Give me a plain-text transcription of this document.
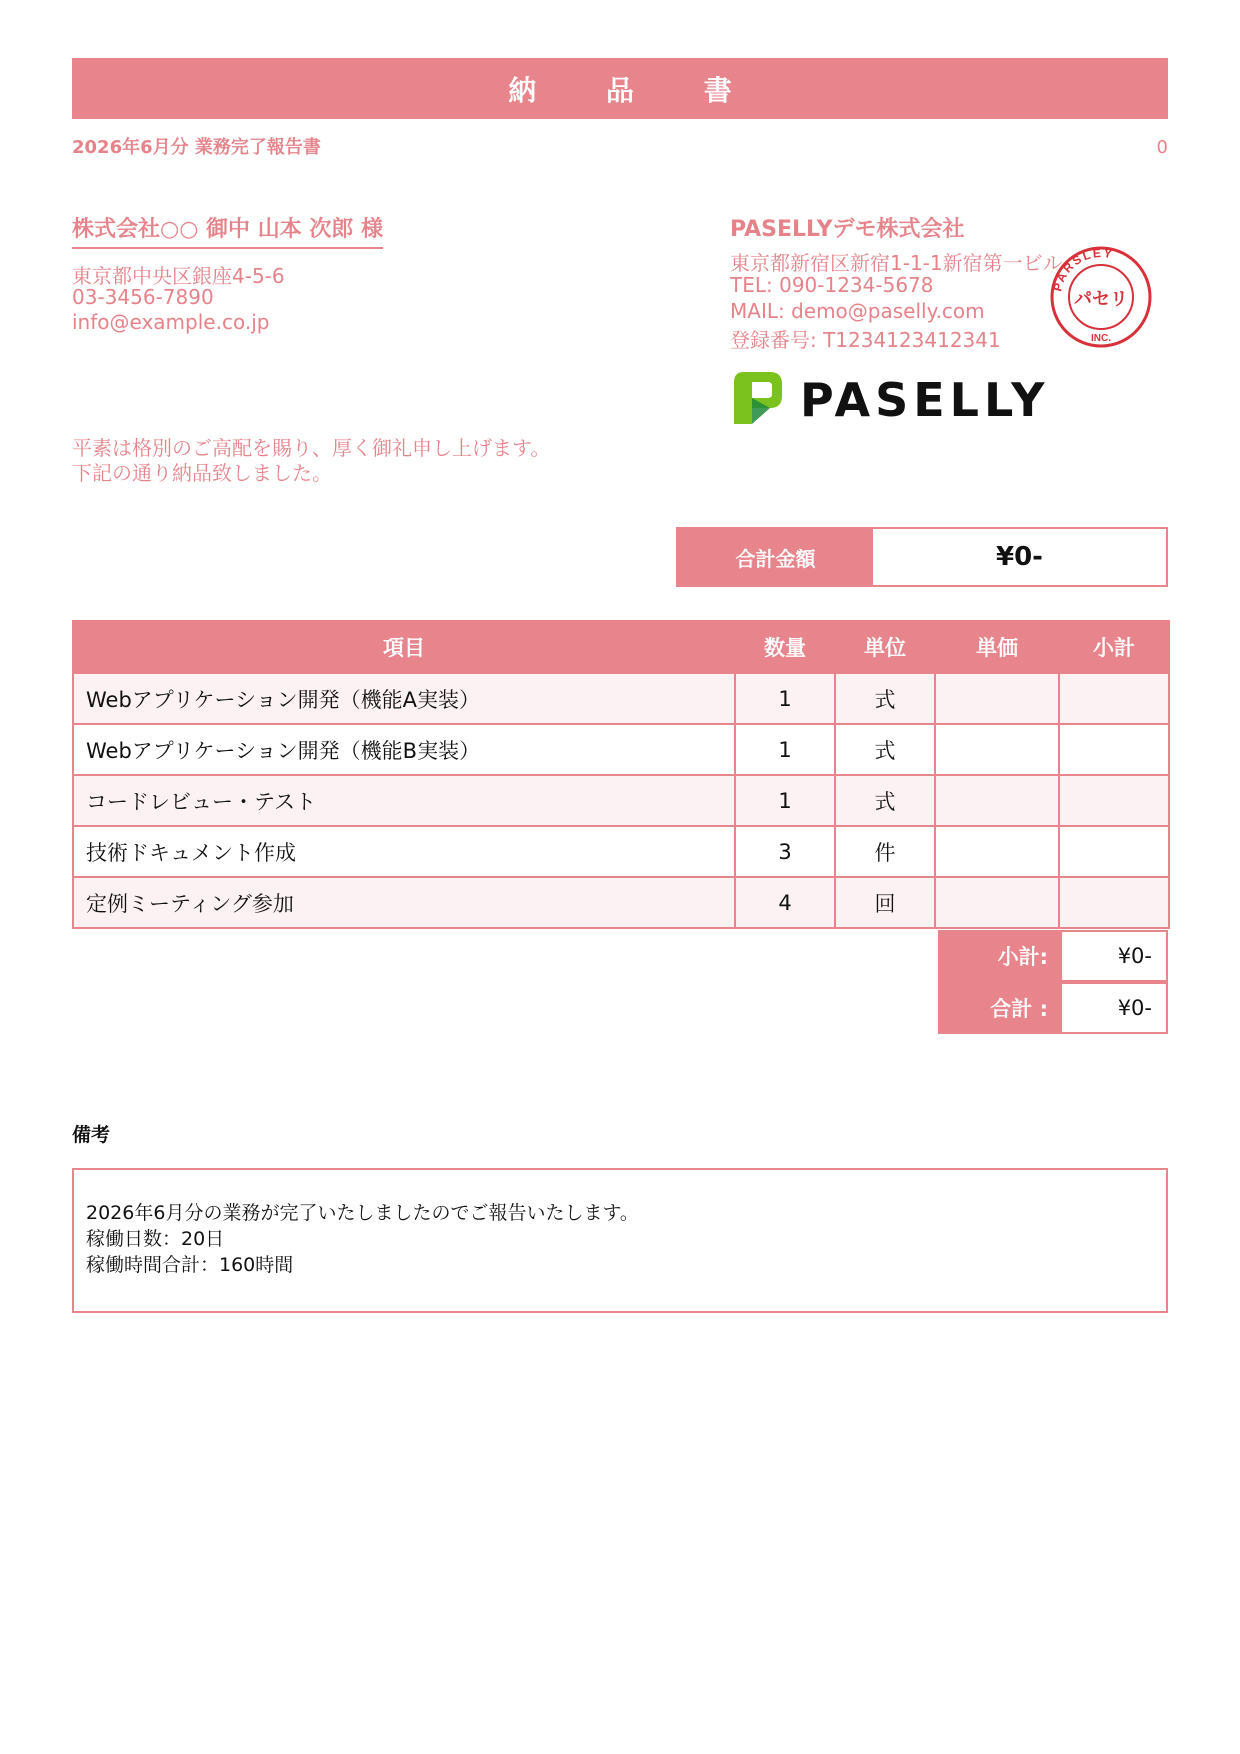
納 品 書
2026年6月分 業務完了報告書	0
株式会社○○ 御中 山本 次郎 様
東京都中央区銀座4-5-6
03-3456-7890
info@example.co.jp
PASELLYデモ株式会社
東京都新宿区新宿1-1-1新宿第一ビル
TEL: 090-1234-5678
MAIL: demo@paselly.com
登録番号: T1234123412341
PARSLEY
パセリ
INC.
PASELLY
平素は格別のご高配を賜り、厚く御礼申し上げます。
下記の通り納品致しました。
合計金額	¥0-
項目	数量	単位	単価	小計
Webアプリケーション開発（機能A実装）	1	式		
Webアプリケーション開発（機能B実装）	1	式		
コードレビュー・テスト	1	式		
技術ドキュメント作成	3	件		
定例ミーティング参加	4	回		
小計:	¥0-
合計 :	¥0-
備考
2026年6月分の業務が完了いたしましたのでご報告いたします。
稼働日数：20日
稼働時間合計：160時間
